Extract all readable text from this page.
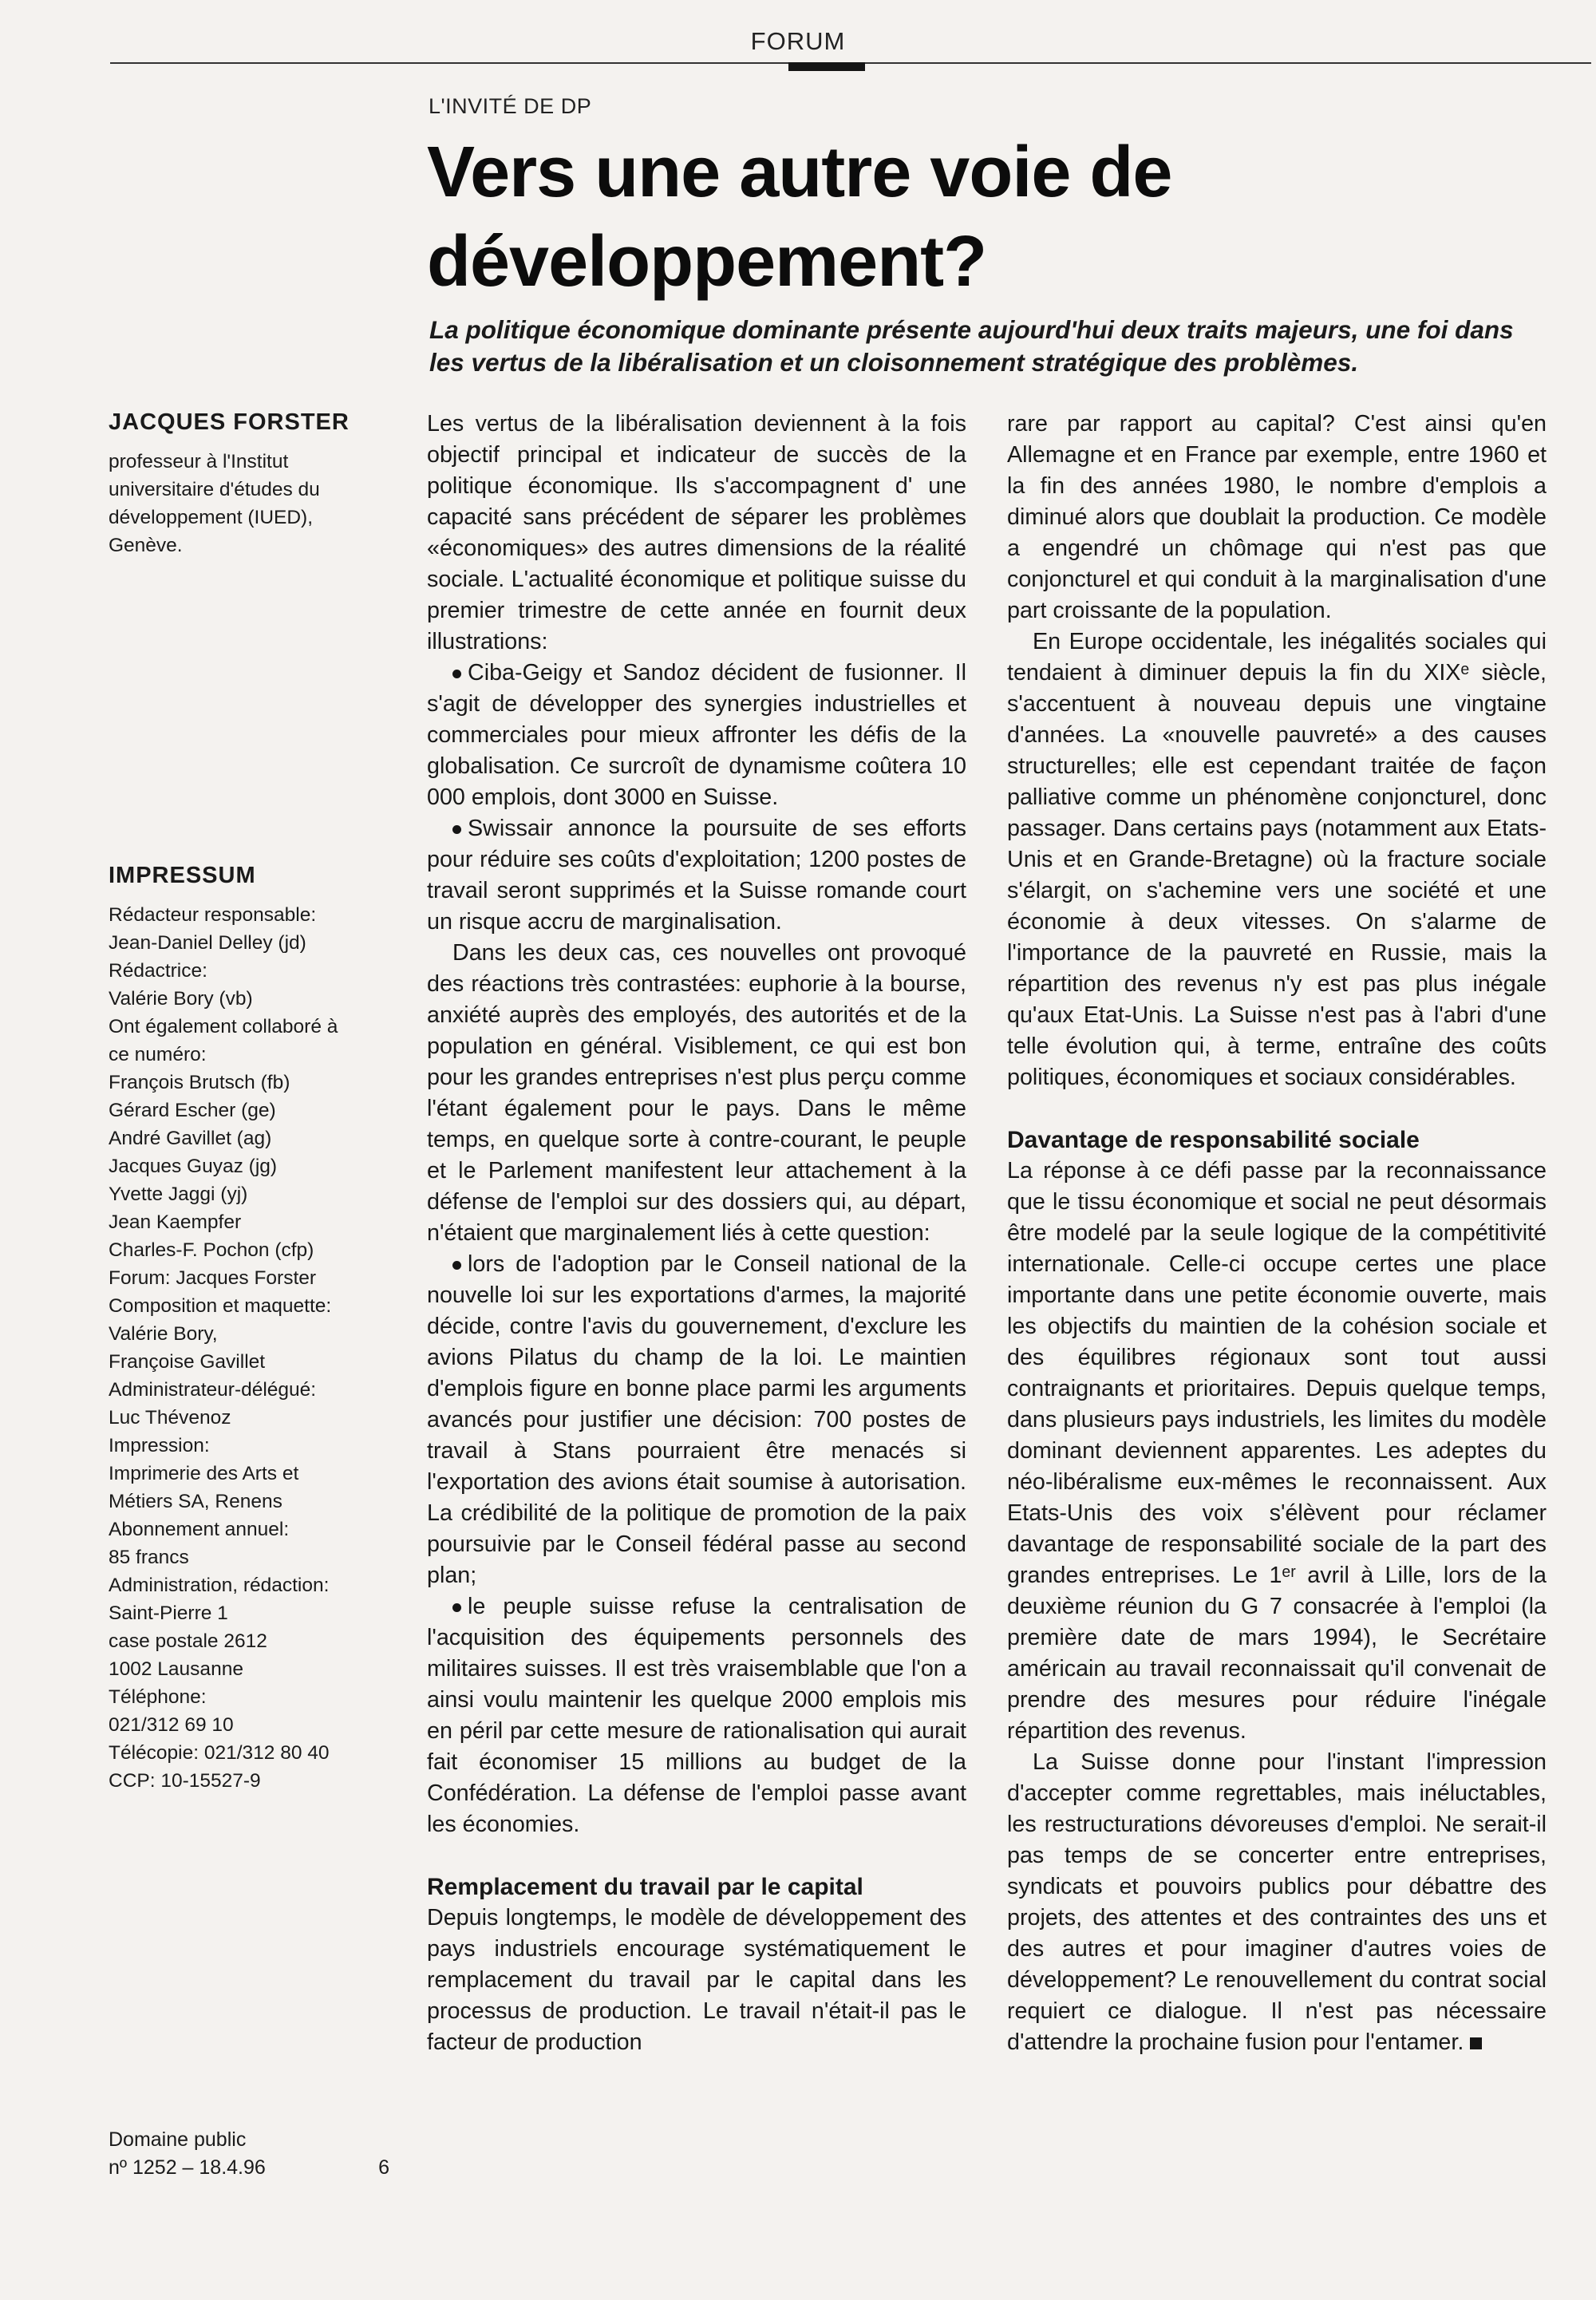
FORUM
L'INVITÉ DE DP
Vers une autre voie de développement?

La politique économique dominante présente aujourd'hui deux traits majeurs, une foi dans les vertus de la libéralisation et un cloisonnement stratégique des problèmes.

JACQUES FORSTER
professeur à l'Institut universitaire d'études du développement (IUED), Genève.
IMPRESSUM
Rédacteur responsable:
Jean-Daniel Delley (jd)
Rédactrice:
Valérie Bory (vb)
Ont également collaboré à
ce numéro:
François Brutsch (fb)
Gérard Escher (ge)
André Gavillet (ag)
Jacques Guyaz (jg)
Yvette Jaggi (yj)
Jean Kaempfer
Charles-F. Pochon (cfp)
Forum: Jacques Forster
Composition et maquette:
Valérie Bory,
Françoise Gavillet
Administrateur-délégué:
Luc Thévenoz
Impression:
Imprimerie des Arts et
Métiers SA, Renens
Abonnement annuel:
85 francs
Administration, rédaction:
Saint-Pierre 1
case postale 2612
1002 Lausanne
Téléphone:
021/312 69 10
Télécopie: 021/312 80 40
CCP: 10-15527-9
Domaine public
nº 1252 – 18.4.96	6

Les vertus de la libéralisation deviennent à la fois objectif principal et indicateur de succès de la politique économique. Ils s'accompagnent d' une capacité sans précédent de séparer les problèmes «économiques» des autres dimensions de la réalité sociale. L'actualité économique et politique suisse du premier trimestre de cette année en fournit deux illustrations:

Ciba-Geigy et Sandoz décident de fusionner. Il s'agit de développer des synergies industrielles et commerciales pour mieux affronter les défis de la globalisation. Ce surcroît de dynamisme coûtera 10 000 emplois, dont 3000 en Suisse.

Swissair annonce la poursuite de ses efforts pour réduire ses coûts d'exploitation; 1200 postes de travail seront supprimés et la Suisse romande court un risque accru de marginalisation.

Dans les deux cas, ces nouvelles ont provoqué des réactions très contrastées: euphorie à la bourse, anxiété auprès des employés, des autorités et de la population en général. Visiblement, ce qui est bon pour les grandes entreprises n'est plus perçu comme l'étant également pour le pays. Dans le même temps, en quelque sorte à contre-courant, le peuple et le Parlement manifestent leur attachement à la défense de l'emploi sur des dossiers qui, au départ, n'étaient que marginalement liés à cette question:

lors de l'adoption par le Conseil national de la nouvelle loi sur les exportations d'armes, la majorité décide, contre l'avis du gouvernement, d'exclure les avions Pilatus du champ de la loi. Le maintien d'emplois figure en bonne place parmi les arguments avancés pour justifier une décision: 700 postes de travail à Stans pourraient être menacés si l'exportation des avions était soumise à autorisation. La crédibilité de la politique de promotion de la paix poursuivie par le Conseil fédéral passe au second plan;

le peuple suisse refuse la centralisation de l'acquisition des équipements personnels des militaires suisses. Il est très vraisemblable que l'on a ainsi voulu maintenir les quelque 2000 emplois mis en péril par cette mesure de rationalisation qui aurait fait économiser 15 millions au budget de la Confédération. La défense de l'emploi passe avant les économies.

Remplacement du travail par le capital

Depuis longtemps, le modèle de développement des pays industriels encourage systématiquement le remplacement du travail par le capital dans les processus de production. Le travail n'était-il pas le facteur de production

rare par rapport au capital? C'est ainsi qu'en Allemagne et en France par exemple, entre 1960 et la fin des années 1980, le nombre d'emplois a diminué alors que doublait la production. Ce modèle a engendré un chômage qui n'est pas que conjoncturel et qui conduit à la marginalisation d'une part croissante de la population.

En Europe occidentale, les inégalités sociales qui tendaient à diminuer depuis la fin du XIXᵉ siècle, s'accentuent à nouveau depuis une vingtaine d'années. La «nouvelle pauvreté» a des causes structurelles; elle est cependant traitée de façon palliative comme un phénomène conjoncturel, donc passager. Dans certains pays (notamment aux Etats-Unis et en Grande-Bretagne) où la fracture sociale s'élargit, on s'achemine vers une société et une économie à deux vitesses. On s'alarme de l'importance de la pauvreté en Russie, mais la répartition des revenus n'y est pas plus inégale qu'aux Etat-Unis. La Suisse n'est pas à l'abri d'une telle évolution qui, à terme, entraîne des coûts politiques, économiques et sociaux considérables.

Davantage de responsabilité sociale

La réponse à ce défi passe par la reconnaissance que le tissu économique et social ne peut désormais être modelé par la seule logique de la compétitivité internationale. Celle-ci occupe certes une place importante dans une petite économie ouverte, mais les objectifs du maintien de la cohésion sociale et des équilibres régionaux sont tout aussi contraignants et prioritaires. Depuis quelque temps, dans plusieurs pays industriels, les limites du modèle dominant deviennent apparentes. Les adeptes du néo-libéralisme eux-mêmes le reconnaissent. Aux Etats-Unis des voix s'élèvent pour réclamer davantage de responsabilité sociale de la part des grandes entreprises. Le 1ᵉʳ avril à Lille, lors de la deuxième réunion du G 7 consacrée à l'emploi (la première date de mars 1994), le Secrétaire américain au travail reconnaissait qu'il convenait de prendre des mesures pour réduire l'inégale répartition des revenus.

La Suisse donne pour l'instant l'impression d'accepter comme regrettables, mais inéluctables, les restructurations dévoreuses d'emploi. Ne serait-il pas temps de se concerter entre entreprises, syndicats et pouvoirs publics pour débattre des projets, des attentes et des contraintes des uns et des autres et pour imaginer d'autres voies de développement? Le renouvellement du contrat social requiert ce dialogue. Il n'est pas nécessaire d'attendre la prochaine fusion pour l'entamer.
